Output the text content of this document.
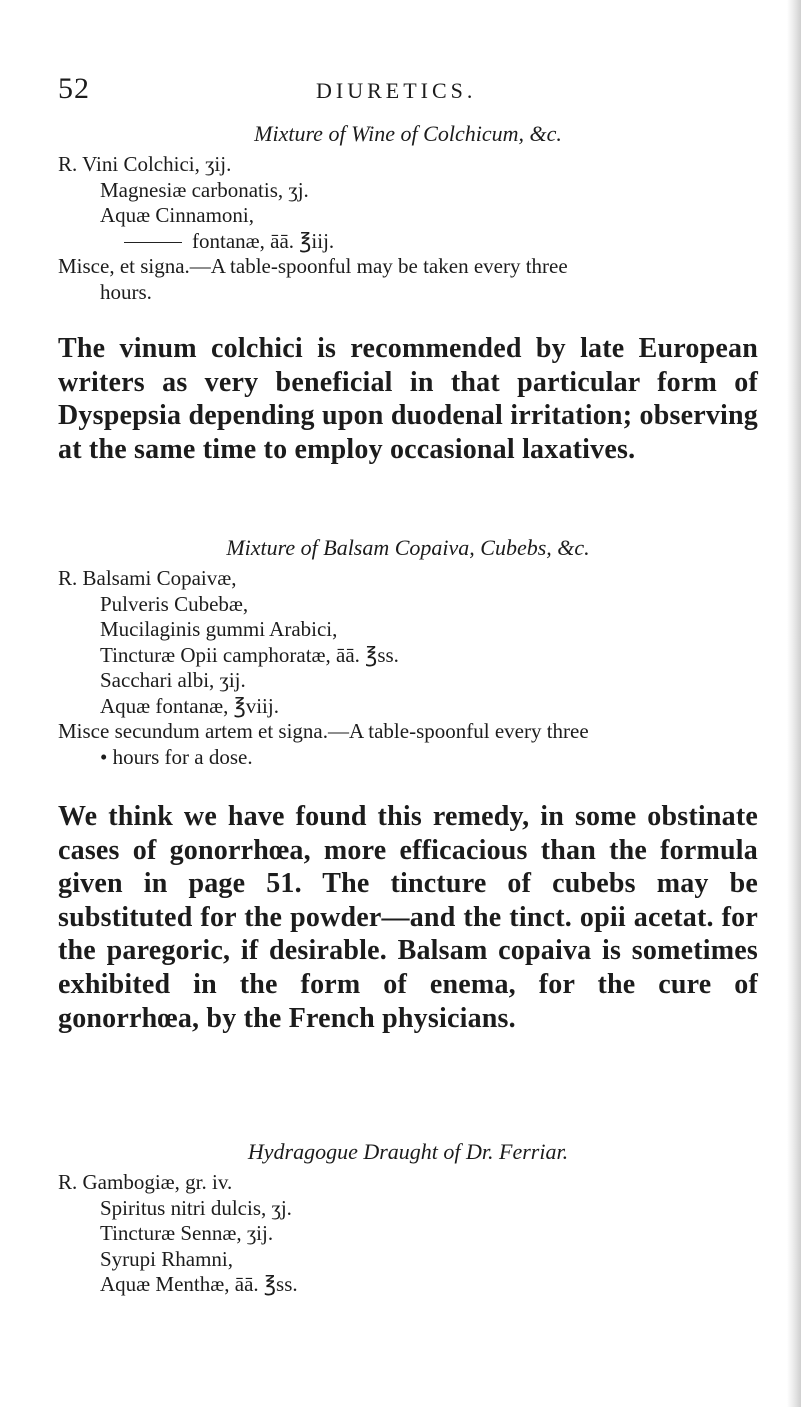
52	DIURETICS.
Mixture of Wine of Colchicum, &c.
R. Vini Colchici, ʒij.
Magnesiæ carbonatis, ʒj.
Aquæ Cinnamoni,
fontanæ, āā. ℥iij.
Misce, et signa.—A table-spoonful may be taken every three
hours.
The vinum colchici is recommended by late European writers as very beneficial in that particular form of Dyspepsia depending upon duodenal irritation; observing at the same time to employ occasional laxatives.
Mixture of Balsam Copaiva, Cubebs, &c.
R. Balsami Copaivæ,
Pulveris Cubebæ,
Mucilaginis gummi Arabici,
Tincturæ Opii camphoratæ, āā. ℥ss.
Sacchari albi, ʒij.
Aquæ fontanæ, ℥viij.
Misce secundum artem et signa.—A table-spoonful every three
• hours for a dose.
We think we have found this remedy, in some obstinate cases of gonorrhœa, more efficacious than the formula given in page 51. The tincture of cubebs may be substituted for the powder—and the tinct. opii acetat. for the paregoric, if desirable. Balsam copaiva is sometimes exhibited in the form of enema, for the cure of gonorrhœa, by the French physicians.
Hydragogue Draught of Dr. Ferriar.
R. Gambogiæ, gr. iv.
Spiritus nitri dulcis, ʒj.
Tincturæ Sennæ, ʒij.
Syrupi Rhamni,
Aquæ Menthæ, āā. ℥ss.
